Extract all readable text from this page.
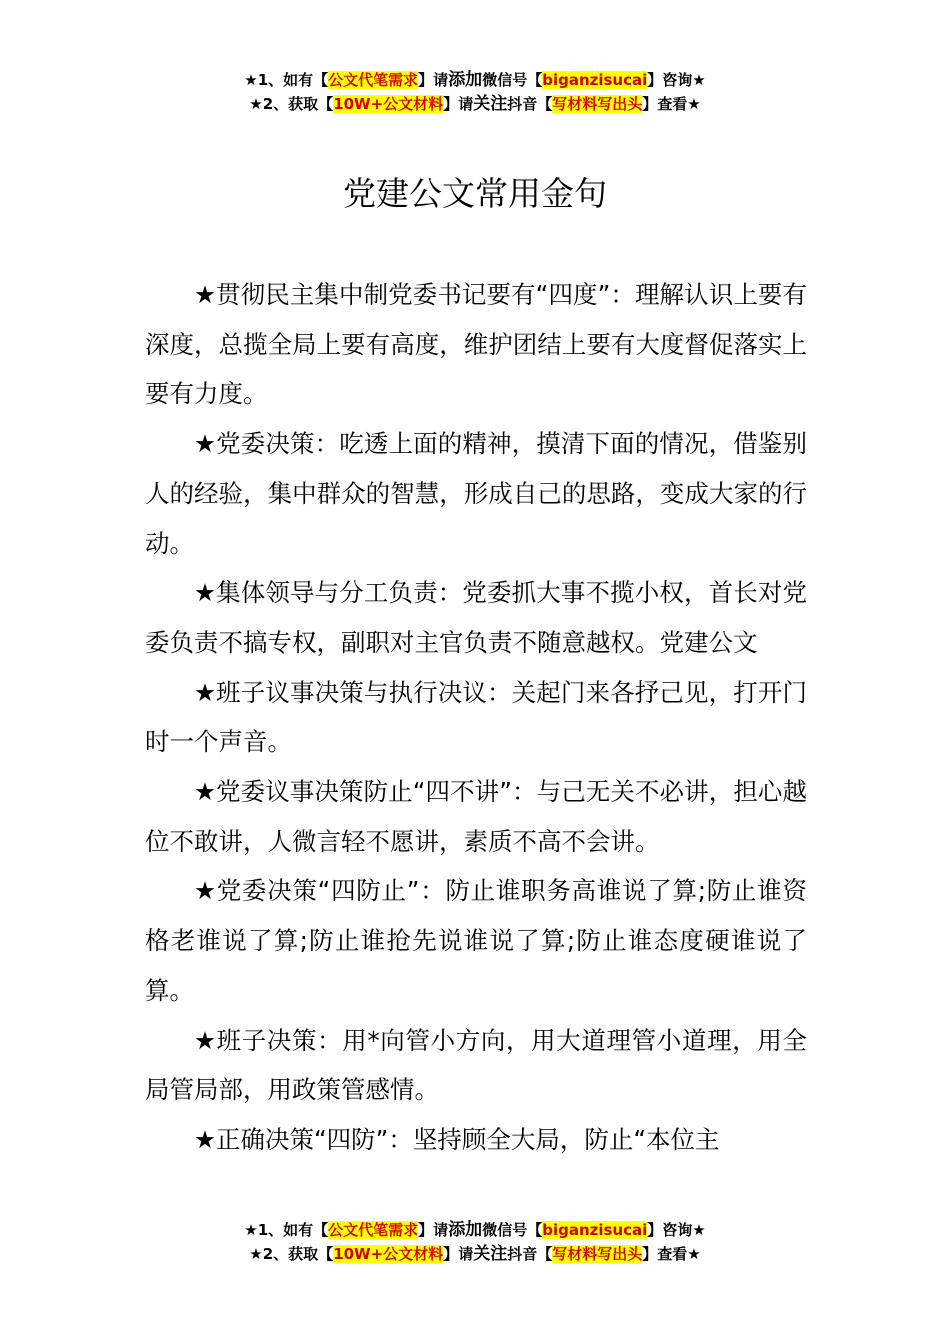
★1、如有【公文代笔需求】请添加微信号【biganzisucai】咨询★
★2、获取【10W+公文材料】请关注抖音【写材料写出头】查看★
党建公文常用金句

★贯彻民主集中制党委书记要有“四度”：理解认识上要有深度，总揽全局上要有高度，维护团结上要有大度督促落实上要有力度。

★党委决策：吃透上面的精神，摸清下面的情况，借鉴别人的经验，集中群众的智慧，形成自己的思路，变成大家的行动。

★集体领导与分工负责：党委抓大事不揽小权，首长对党委负责不搞专权，副职对主官负责不随意越权。党建公文

★班子议事决策与执行决议：关起门来各抒己见，打开门时一个声音。

★党委议事决策防止“四不讲”：与己无关不必讲，担心越位不敢讲，人微言轻不愿讲，素质不高不会讲。

★党委决策“四防止”：防止谁职务高谁说了算;防止谁资格老谁说了算;防止谁抢先说谁说了算;防止谁态度硬谁说了算。

★班子决策：用*向管小方向，用大道理管小道理，用全局管局部，用政策管感情。

★正确决策“四防”：坚持顾全大局，防止“本位主

★1、如有【公文代笔需求】请添加微信号【biganzisucai】咨询★
★2、获取【10W+公文材料】请关注抖音【写材料写出头】查看★
